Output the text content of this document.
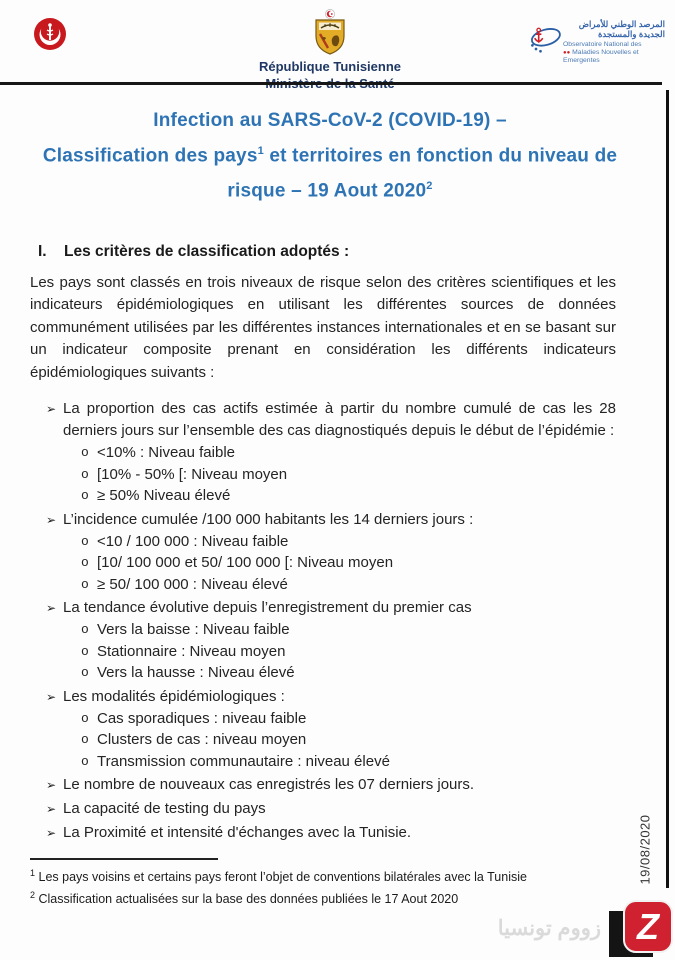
République Tunisienne
المرصد الوطني للأمراض
الجديدة والمستجدة
Observatoire National des
●● Maladies Nouvelles et Emergentes
Infection au SARS-CoV-2 (COVID-19) –
Classification des pays$^1$ et territoires en fonction du niveau de
risque – 19 Aout 2020$^2$
I. Les critères de classification adoptés :
Les pays sont classés en trois niveaux de risque selon des critères scientifiques et les indicateurs épidémiologiques en utilisant les différentes sources de données communément utilisées par les différentes instances internationales et en se basant sur un indicateur composite prenant en considération les différents indicateurs épidémiologiques suivants :
➢ La proportion des cas actifs estimée à partir du nombre cumulé de cas les 28 derniers jours sur l’ensemble des cas diagnostiqués depuis le début de l’épidémie :
o <10% : Niveau faible
o [10% - 50% [: Niveau moyen
o ≥ 50% Niveau élevé
➢ L’incidence cumulée /100 000 habitants les 14 derniers jours :
o <10 / 100 000 : Niveau faible
o [10/ 100 000 et 50/ 100 000 [: Niveau moyen
o ≥ 50/ 100 000 : Niveau élevé
➢ La tendance évolutive depuis l’enregistrement du premier cas
o Vers la baisse : Niveau faible
o Stationnaire : Niveau moyen
o Vers la hausse : Niveau élevé
➢ Les modalités épidémiologiques :
o Cas sporadiques : niveau faible
o Clusters de cas : niveau moyen
o Transmission communautaire : niveau élevé
➢ Le nombre de nouveaux cas enregistrés les 07 derniers jours.
➢ La capacité de testing du pays
➢ La Proximité et intensité d'échanges avec la Tunisie.
$^1$ Les pays voisins et certains pays feront l’objet de conventions bilatérales avec la Tunisie
$^2$ Classification actualisées sur la base des données publiées le 17 Aout 2020
19/08/2020
زووم تونسيا Z
